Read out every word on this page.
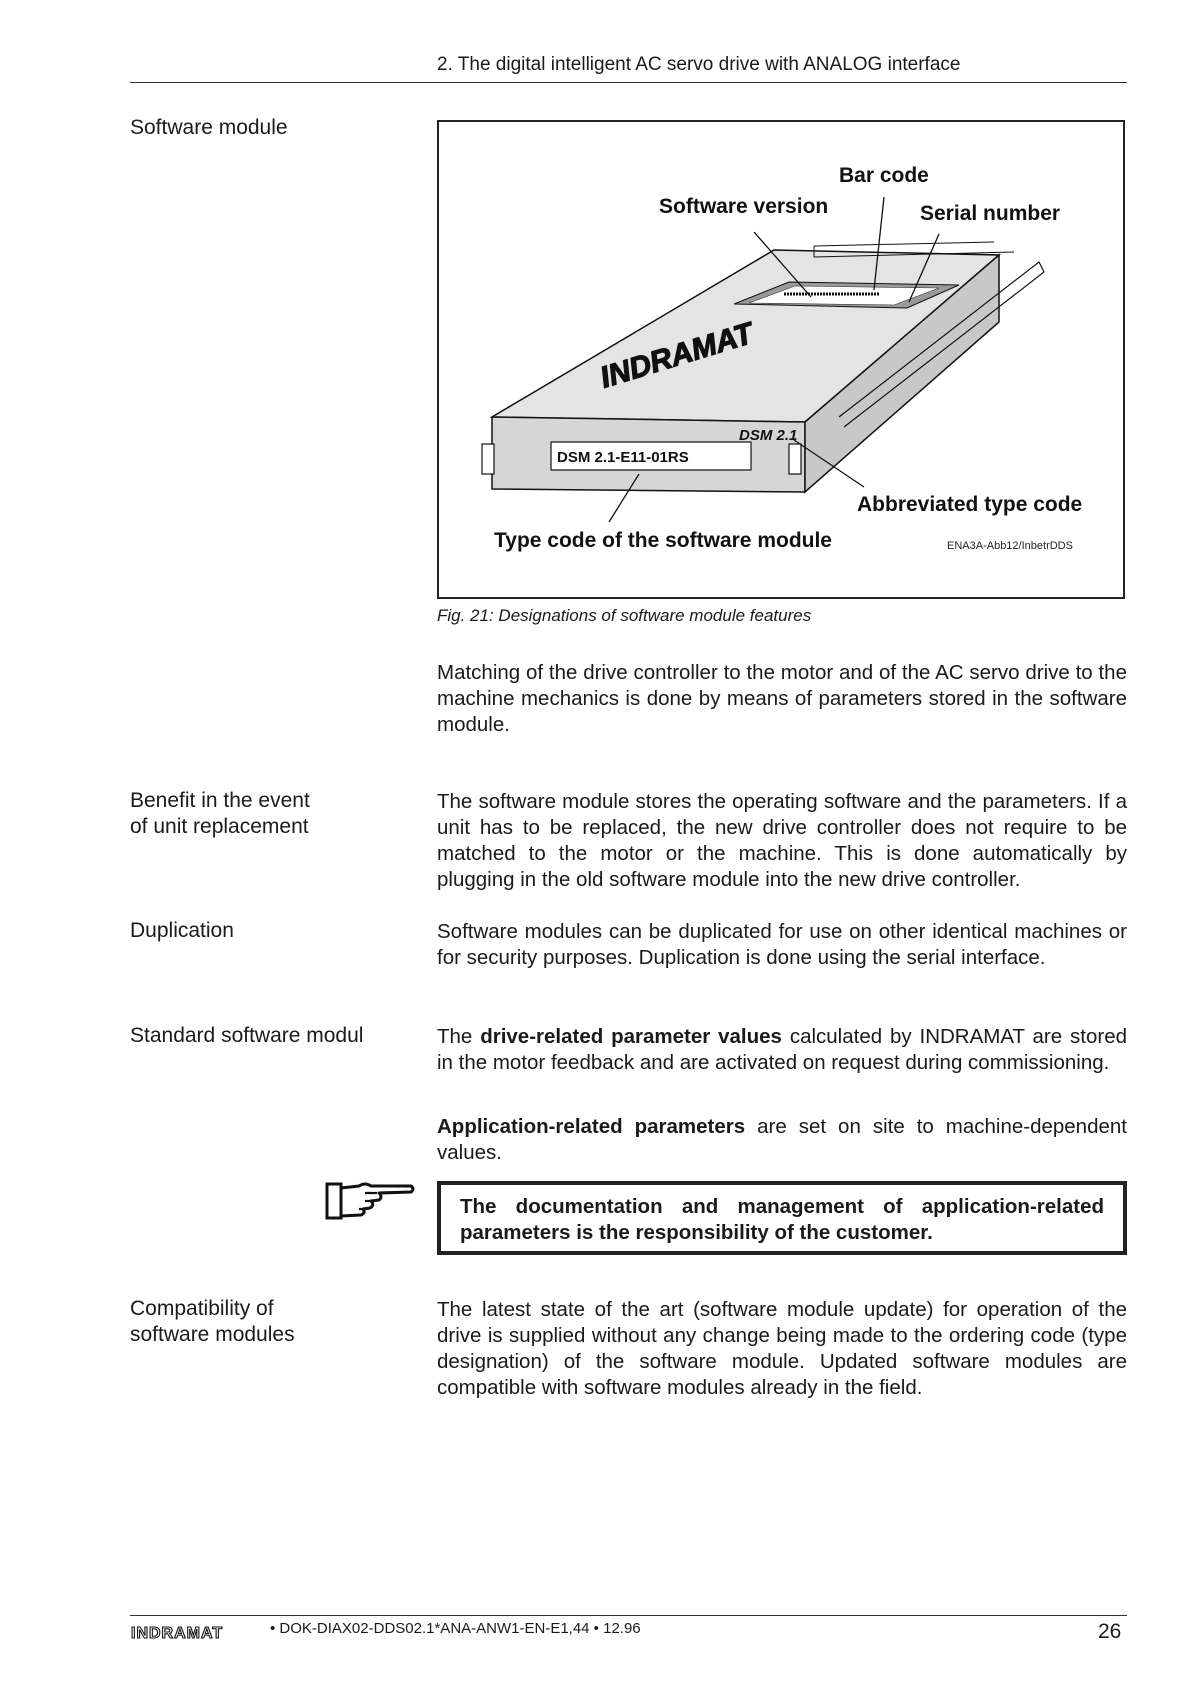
2. The digital intelligent AC servo drive with ANALOG interface
Software module
INDRAMAT
DSM 2.1-E11-01RS
DSM 2.1
Bar code
Software version	Serial number
Abbreviated type code
Type code of the software module	ENA3A-Abb12/InbetrDDS
Fig. 21: Designations of software module features
Matching of the drive controller to the motor and of the AC servo drive to the machine mechanics is done by means of parameters stored in the software module.
Benefit in the event
of unit replacement
The software module stores the operating software and the parameters. If a unit has to be replaced, the new drive controller does not require to be matched to the motor or the machine. This is done automatically by plugging in the old software module into the new drive controller.
Duplication	Software modules can be duplicated for use on other identical machines or for security purposes. Duplication is done using the serial interface.
Standard software modul	The drive-related parameter values calculated by INDRAMAT are stored in the motor feedback and are activated on request during commissioning.
Application-related parameters are set on site to machine-dependent values.
The documentation and management of application-related parameters is the responsibility of the customer.
Compatibility of
software modules
The latest state of the art (software module update) for operation of the drive is supplied without any change being made to the ordering code (type designation) of the software module. Updated software modules are compatible with software modules already in the field.
INDRAMAT	• DOK-DIAX02-DDS02.1*ANA-ANW1-EN-E1,44 • 12.96	26
